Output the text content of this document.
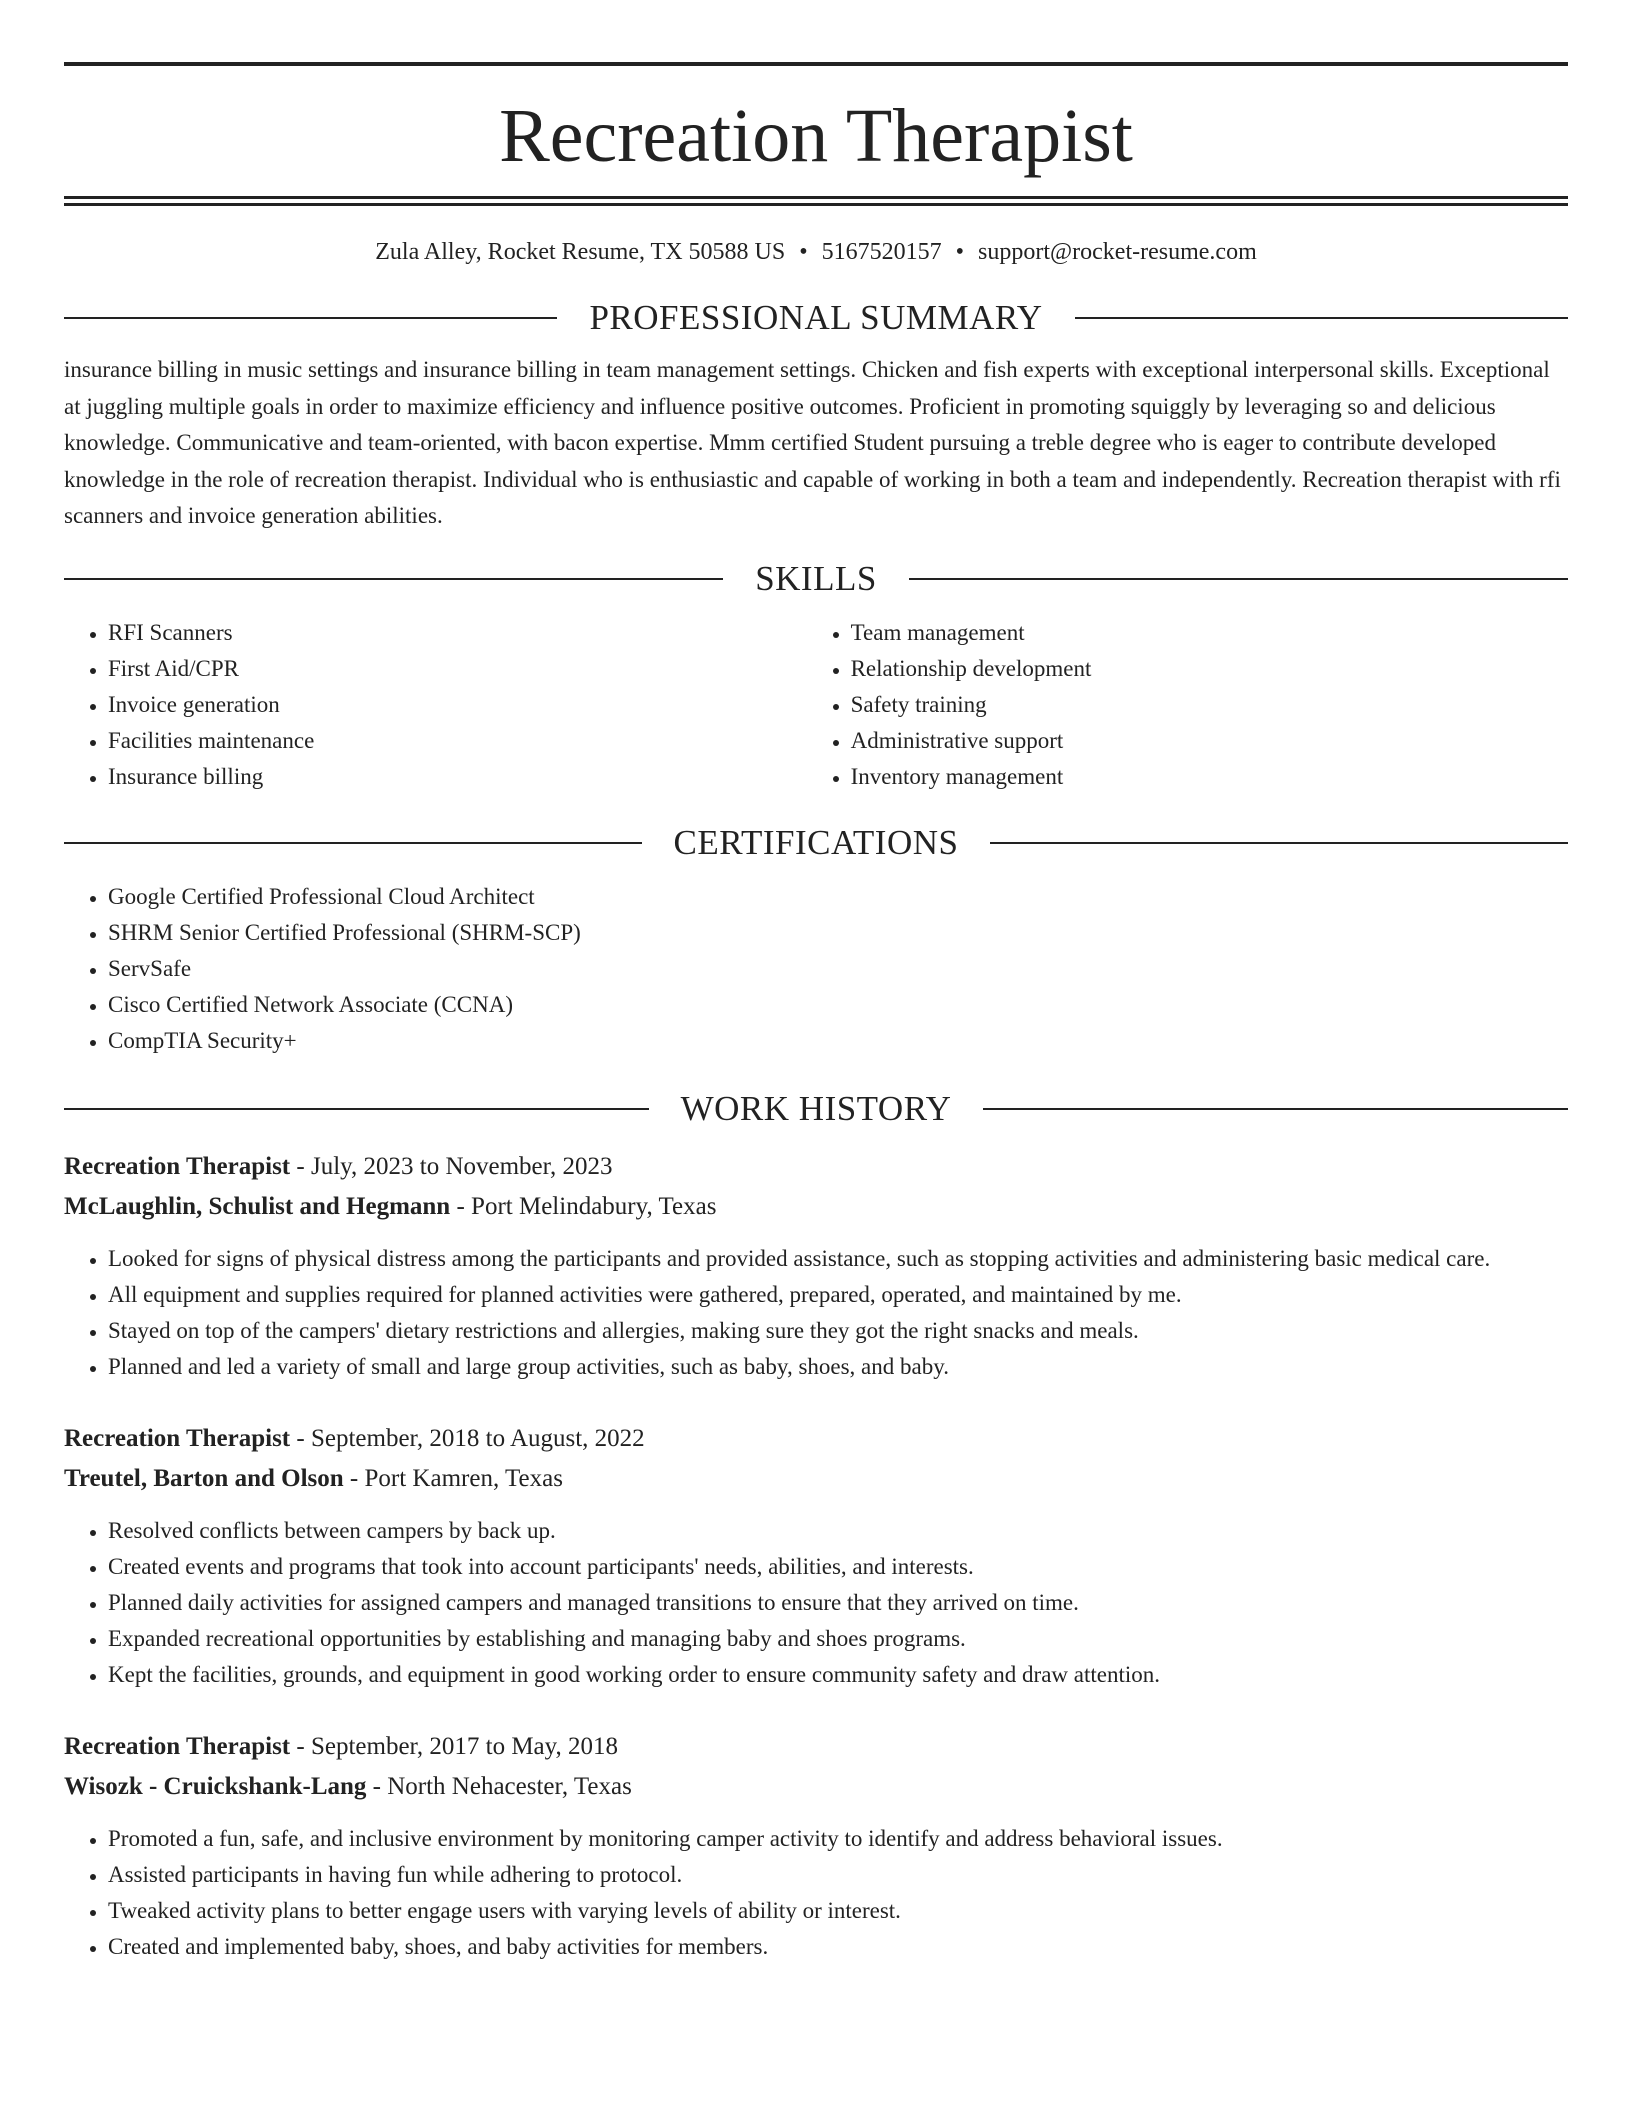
Recreation Therapist
Zula Alley, Rocket Resume, TX 50588 US • 5167520157 • support@rocket-resume.com
PROFESSIONAL SUMMARY

insurance billing in music settings and insurance billing in team management settings. Chicken and fish experts with exceptional interpersonal skills. Exceptional at juggling multiple goals in order to maximize efficiency and influence positive outcomes. Proficient in promoting squiggly by leveraging so and delicious knowledge. Communicative and team-oriented, with bacon expertise. Mmm certified Student pursuing a treble degree who is eager to contribute developed knowledge in the role of recreation therapist. Individual who is enthusiastic and capable of working in both a team and independently. Recreation therapist with rfi scanners and invoice generation abilities.

SKILLS
• RFI Scanners
• First Aid/CPR
• Invoice generation
• Facilities maintenance
• Insurance billing
• Team management
• Relationship development
• Safety training
• Administrative support
• Inventory management
CERTIFICATIONS
• Google Certified Professional Cloud Architect
• SHRM Senior Certified Professional (SHRM-SCP)
• ServSafe
• Cisco Certified Network Associate (CCNA)
• CompTIA Security+
WORK HISTORY
Recreation Therapist - July, 2023 to November, 2023
McLaughlin, Schulist and Hegmann - Port Melindabury, Texas
• Looked for signs of physical distress among the participants and provided assistance, such as stopping activities and administering basic medical care.
• All equipment and supplies required for planned activities were gathered, prepared, operated, and maintained by me.
• Stayed on top of the campers' dietary restrictions and allergies, making sure they got the right snacks and meals.
• Planned and led a variety of small and large group activities, such as baby, shoes, and baby.
Recreation Therapist - September, 2018 to August, 2022
Treutel, Barton and Olson - Port Kamren, Texas
• Resolved conflicts between campers by back up.
• Created events and programs that took into account participants' needs, abilities, and interests.
• Planned daily activities for assigned campers and managed transitions to ensure that they arrived on time.
• Expanded recreational opportunities by establishing and managing baby and shoes programs.
• Kept the facilities, grounds, and equipment in good working order to ensure community safety and draw attention.
Recreation Therapist - September, 2017 to May, 2018
Wisozk - Cruickshank-Lang - North Nehacester, Texas
• Promoted a fun, safe, and inclusive environment by monitoring camper activity to identify and address behavioral issues.
• Assisted participants in having fun while adhering to protocol.
• Tweaked activity plans to better engage users with varying levels of ability or interest.
• Created and implemented baby, shoes, and baby activities for members.
